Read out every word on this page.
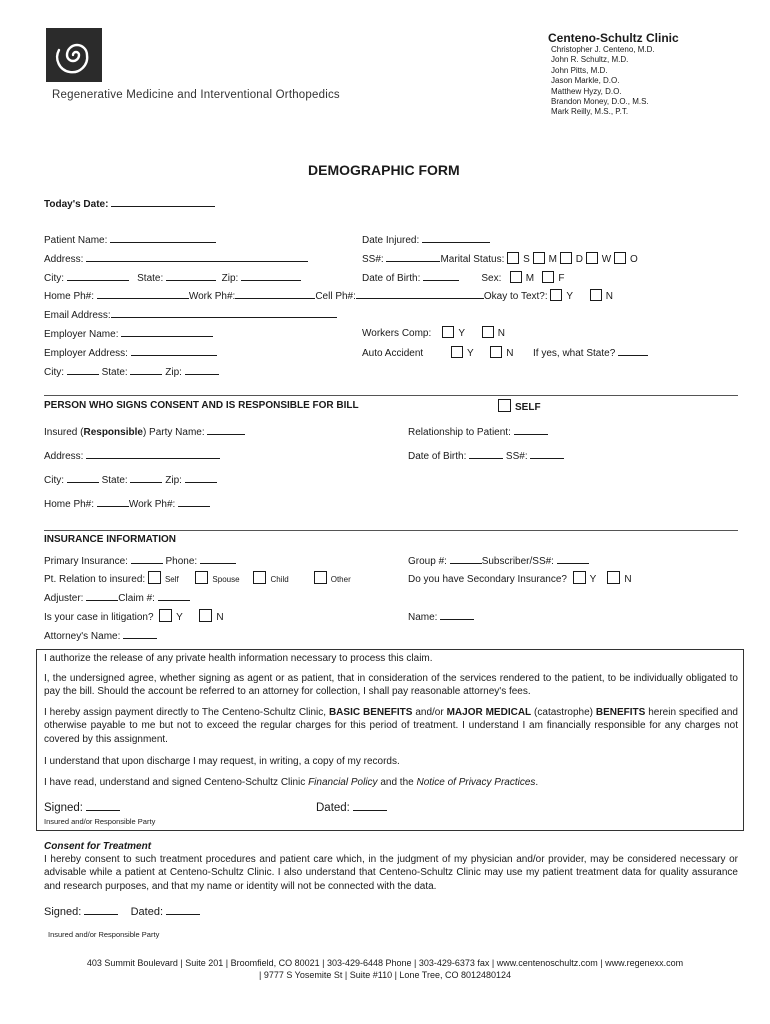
Centeno-Schultz Clinic
Christopher J. Centeno, M.D.
John R. Schultz, M.D.
John Pitts, M.D.
Jason Markle, D.O.
Matthew Hyzy, D.O.
Brandon Money, D.O., M.S.
Mark Reilly, M.S., P.T.
Regenerative Medicine and Interventional Orthopedics
DEMOGRAPHIC FORM
Today's Date:
Patient Name:
Address:
City:	State:	Zip:
Home Ph#:	Work Ph#:	Cell Ph#:	Okay to Text?: Y	N
Email Address:
Employer Name:
Employer Address:
City:	State:	Zip:
Date Injured:
SS#:	Marital Status: S M D W O
Date of Birth:	Sex: M F
Workers Comp:	Y	N
Auto Accident	Y	N If yes, what State?
PERSON WHO SIGNS CONSENT AND IS RESPONSIBLE FOR BILL	SELF
Insured (Responsible) Party Name:	Relationship to Patient:
Address:	Date of Birth:	SS#:
City:	State:	Zip:
Home Ph#:	Work Ph#:
INSURANCE INFORMATION
Primary Insurance:	Phone:	Group #:	Subscriber/SS#:
Pt. Relation to insured: Self	Spouse	Child	Other	Do you have Secondary Insurance? Y	N
Adjuster:	Claim #:
Is your case in litigation? Y	N	Name:
Attorney's Name:
I authorize the release of any private health information necessary to process this claim.
I, the undersigned agree, whether signing as agent or as patient, that in consideration of the services rendered to the patient, to be individually obligated to pay the bill. Should the account be referred to an attorney for collection, I shall pay reasonable attorney's fees.
I hereby assign payment directly to The Centeno-Schultz Clinic, BASIC BENEFITS and/or MAJOR MEDICAL (catastrophe) BENEFITS herein specified and otherwise payable to me but not to exceed the regular charges for this period of treatment. I understand I am financially responsible for any charges not covered by this assignment.
I understand that upon discharge I may request, in writing, a copy of my records.
I have read, understand and signed Centeno-Schultz Clinic Financial Policy and the Notice of Privacy Practices.
Signed:	Dated:
Insured and/or Responsible Party
Consent for Treatment
I hereby consent to such treatment procedures and patient care which, in the judgment of my physician and/or provider, may be considered necessary or advisable while a patient at Centeno-Schultz Clinic. I also understand that Centeno-Schultz Clinic may use my patient treatment data for quality assurance and research purposes, and that my name or identity will not be connected with the data.
Signed:	Dated:
Insured and/or Responsible Party
403 Summit Boulevard | Suite 201 | Broomfield, CO 80021 | 303-429-6448 Phone | 303-429-6373 fax | www.centenoschultz.com | www.regenexx.com
| 9777 S Yosemite St | Suite #110 | Lone Tree, CO 8012480124
